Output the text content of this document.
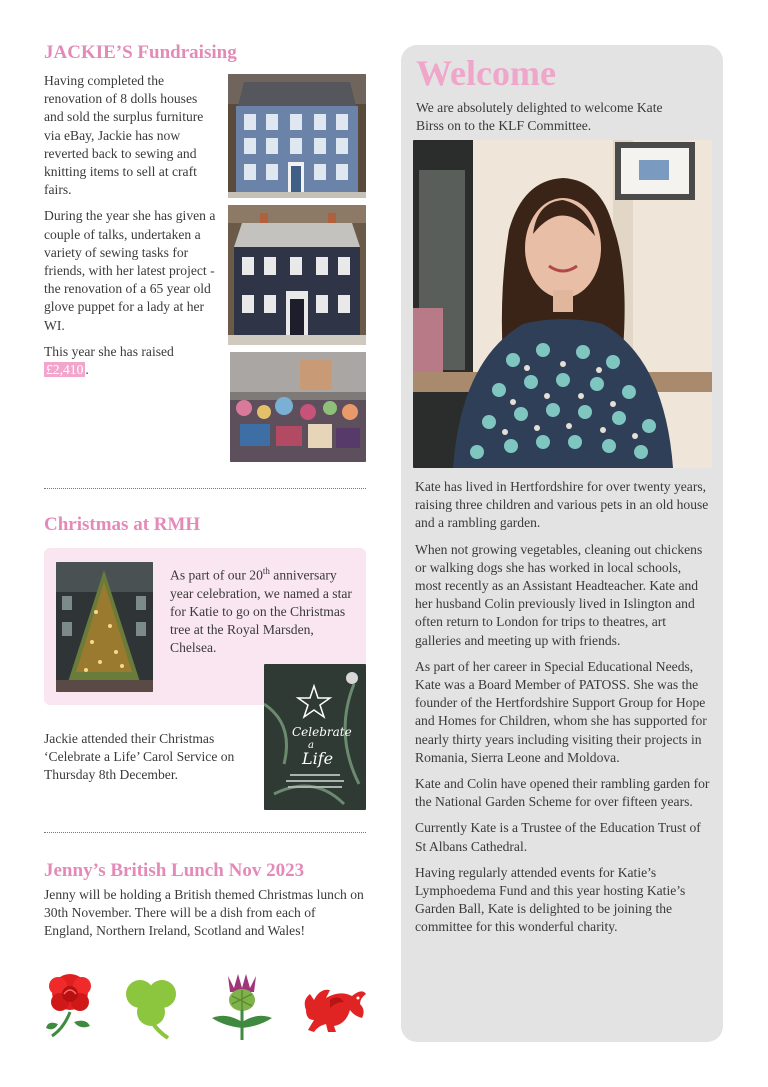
JACKIE’S Fundraising

Having completed the renovation of 8 dolls houses and sold the surplus furniture via eBay, Jackie has now reverted back to sewing and knitting items to sell at craft fairs.

During the year she has given a couple of talks, undertaken a variety of sewing tasks for friends, with her latest project - the renovation of a 65 year old glove puppet for a lady at her WI.

This year she has raised £2,410 .

Christmas at RMH
As part of our 20th anniversary year celebration, we named a star for Katie to go on the Christmas tree at the Royal Marsden, Chelsea.
Celebrate
a
Life
Jackie attended their Christmas ‘Celebrate a Life’ Carol Service on Thursday 8th December.
Jenny’s British Lunch Nov 2023
Jenny will be holding a British themed Christmas lunch on 30th November. There will be a dish from each of England, Northern Ireland, Scotland and Wales!
Welcome
We are absolutely delighted to welcome Kate Birss on to the KLF Committee.

Kate has lived in Hertfordshire for over twenty years, raising three children and various pets in an old house and a rambling garden.

When not growing vegetables, cleaning out chickens or walking dogs she has worked in local schools, most recently as an Assistant Headteacher. Kate and her husband Colin previously lived in Islington and often return to London for trips to theatres, art galleries and meeting up with friends.

As part of her career in Special Educational Needs, Kate was a Board Member of PATOSS. She was the founder of the Hertfordshire Support Group for Hope and Homes for Children, whom she has supported for nearly thirty years including visiting their projects in Romania, Sierra Leone and Moldova.

Kate and Colin have opened their rambling garden for the National Garden Scheme for over fifteen years.

Currently Kate is a Trustee of the Education Trust of St Albans Cathedral.

Having regularly attended events for Katie’s Lymphoedema Fund and this year hosting Katie’s Garden Ball, Kate is delighted to be joining the committee for this wonderful charity.
